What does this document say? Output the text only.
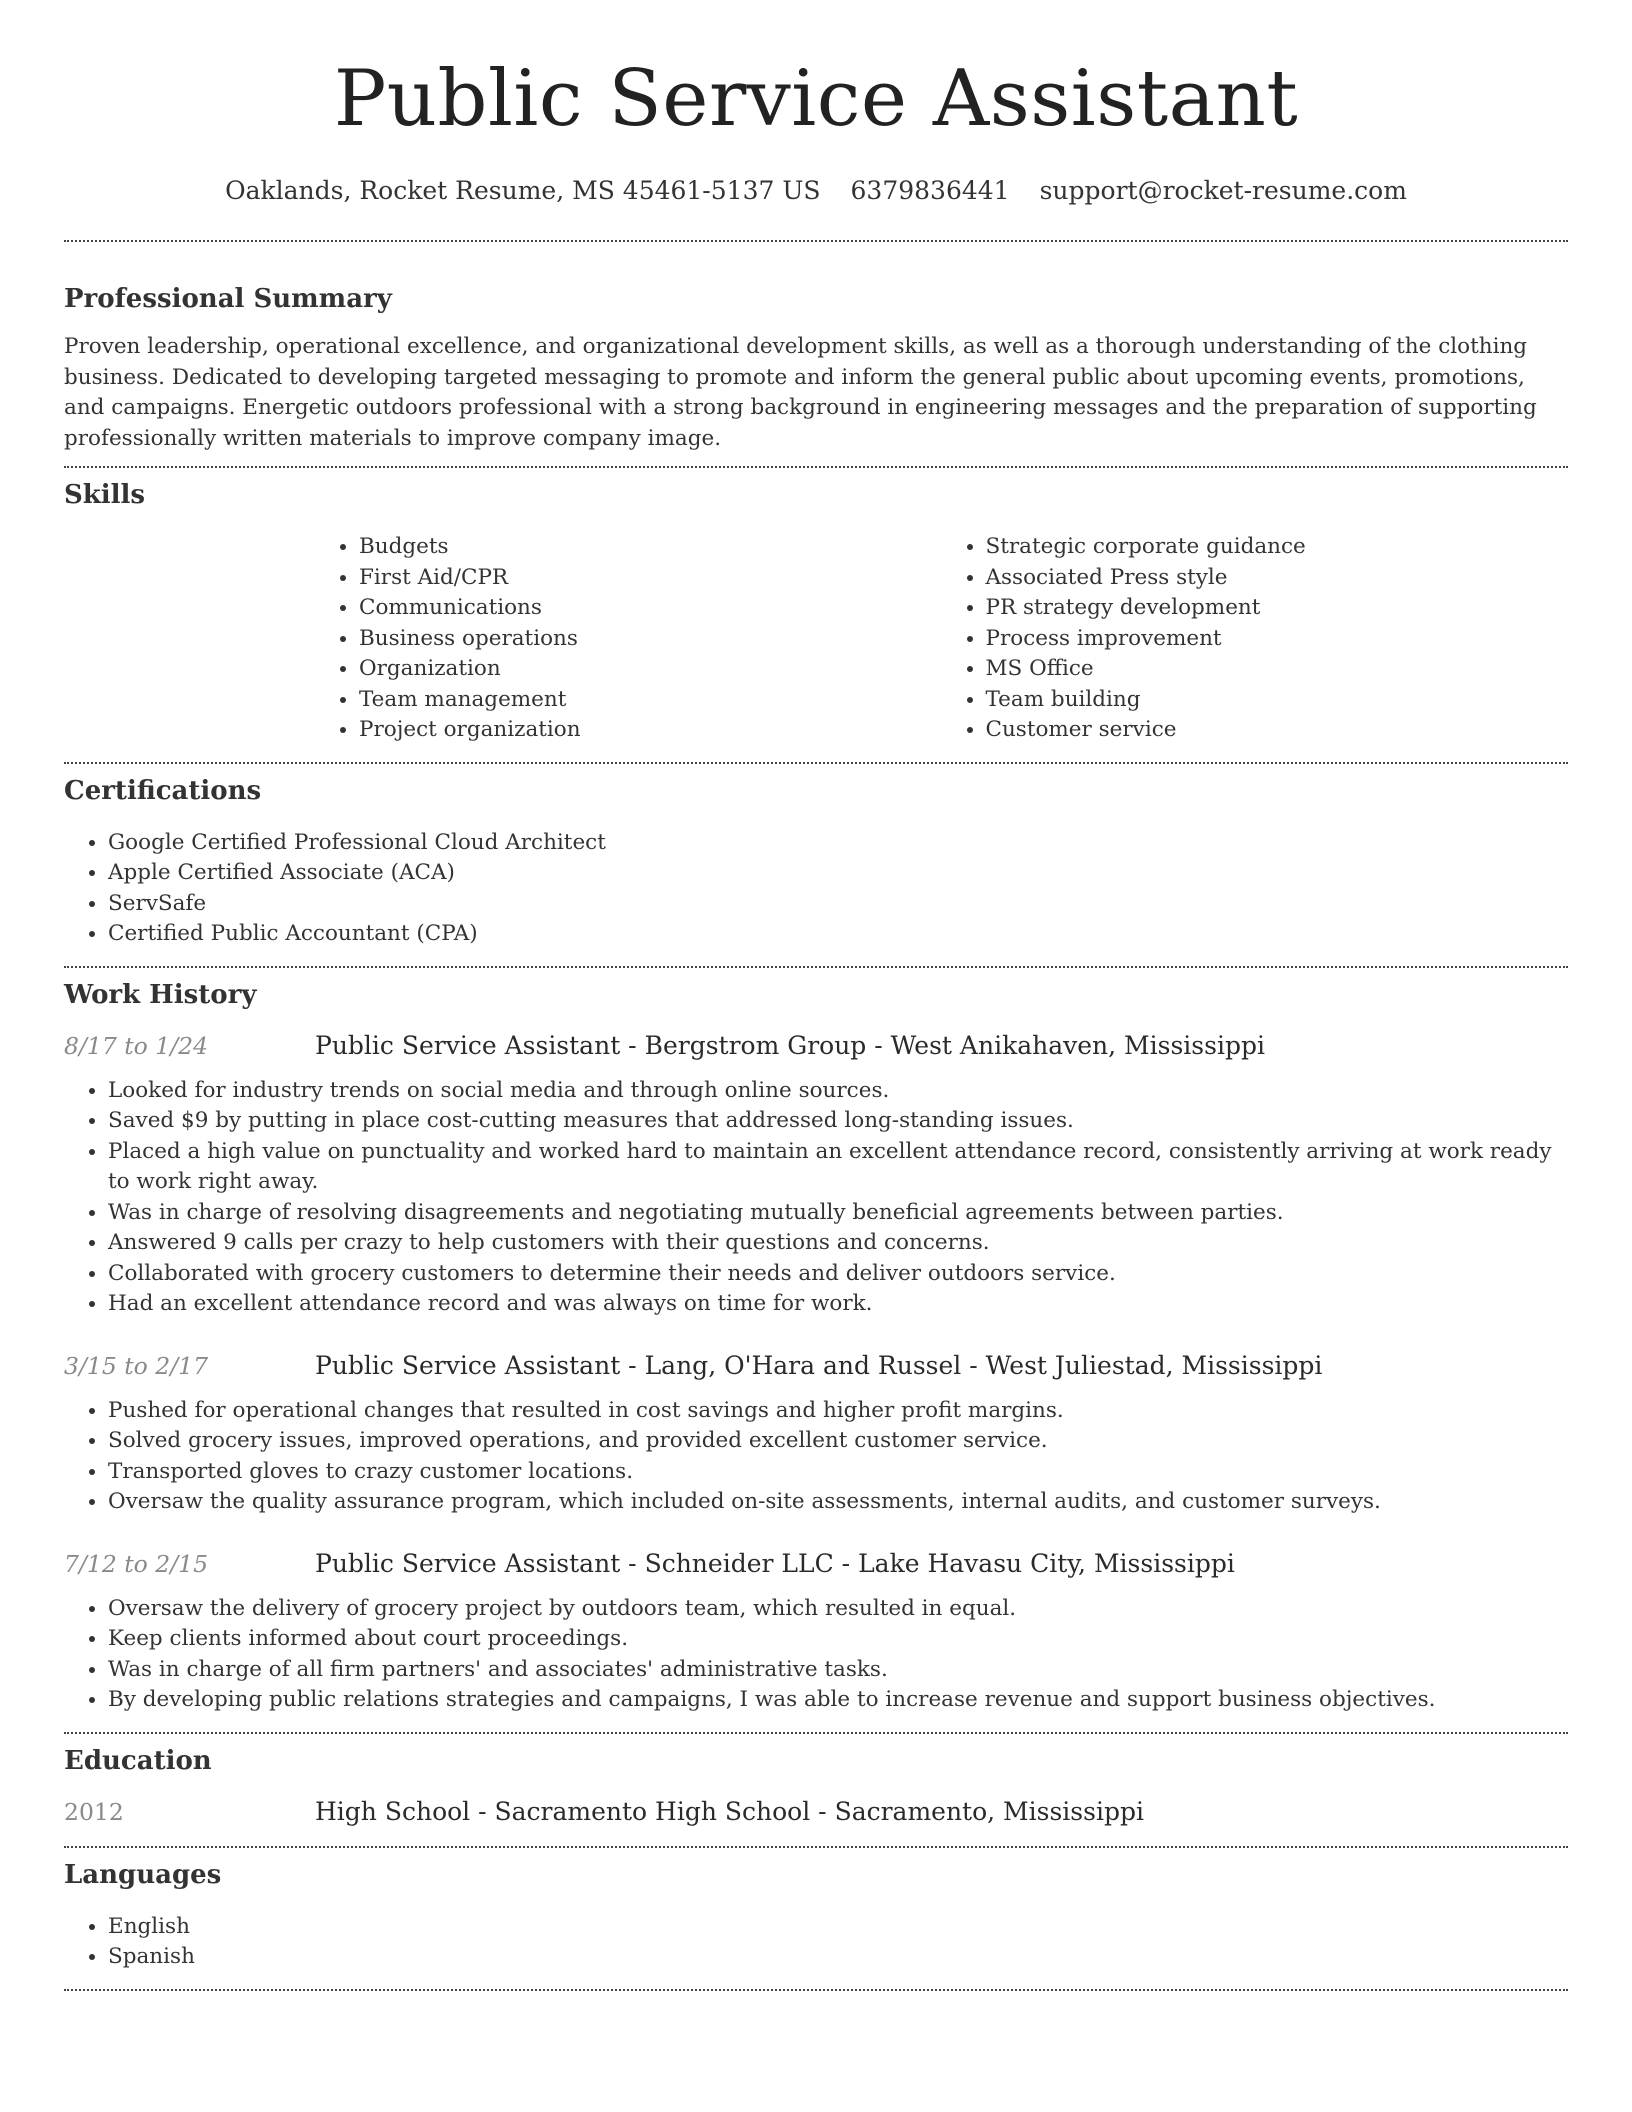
Public Service Assistant
Oaklands, Rocket Resume, MS 45461-5137 US 6379836441 support@rocket-resume.com
Professional Summary

Proven leadership, operational excellence, and organizational development skills, as well as a thorough understanding of the clothing business. Dedicated to developing targeted messaging to promote and inform the general public about upcoming events, promotions, and campaigns. Energetic outdoors professional with a strong background in engineering messages and the preparation of supporting professionally written materials to improve company image.

Skills
• Budgets
• First Aid/CPR
• Communications
• Business operations
• Organization
• Team management
• Project organization
• Strategic corporate guidance
• Associated Press style
• PR strategy development
• Process improvement
• MS Office
• Team building
• Customer service
Certifications
• Google Certified Professional Cloud Architect
• Apple Certified Associate (ACA)
• ServSafe
• Certified Public Accountant (CPA)
Work History
8/17 to 1/24	Public Service Assistant - Bergstrom Group - West Anikahaven, Mississippi
• Looked for industry trends on social media and through online sources.
• Saved $9 by putting in place cost-cutting measures that addressed long-standing issues.
• Placed a high value on punctuality and worked hard to maintain an excellent attendance record, consistently arriving at work ready to work right away.
• Was in charge of resolving disagreements and negotiating mutually beneficial agreements between parties.
• Answered 9 calls per crazy to help customers with their questions and concerns.
• Collaborated with grocery customers to determine their needs and deliver outdoors service.
• Had an excellent attendance record and was always on time for work.
3/15 to 2/17	Public Service Assistant - Lang, O'Hara and Russel - West Juliestad, Mississippi
• Pushed for operational changes that resulted in cost savings and higher profit margins.
• Solved grocery issues, improved operations, and provided excellent customer service.
• Transported gloves to crazy customer locations.
• Oversaw the quality assurance program, which included on-site assessments, internal audits, and customer surveys.
7/12 to 2/15	Public Service Assistant - Schneider LLC - Lake Havasu City, Mississippi
• Oversaw the delivery of grocery project by outdoors team, which resulted in equal.
• Keep clients informed about court proceedings.
• Was in charge of all firm partners' and associates' administrative tasks.
• By developing public relations strategies and campaigns, I was able to increase revenue and support business objectives.
Education
2012	High School - Sacramento High School - Sacramento, Mississippi
Languages
• English
• Spanish
